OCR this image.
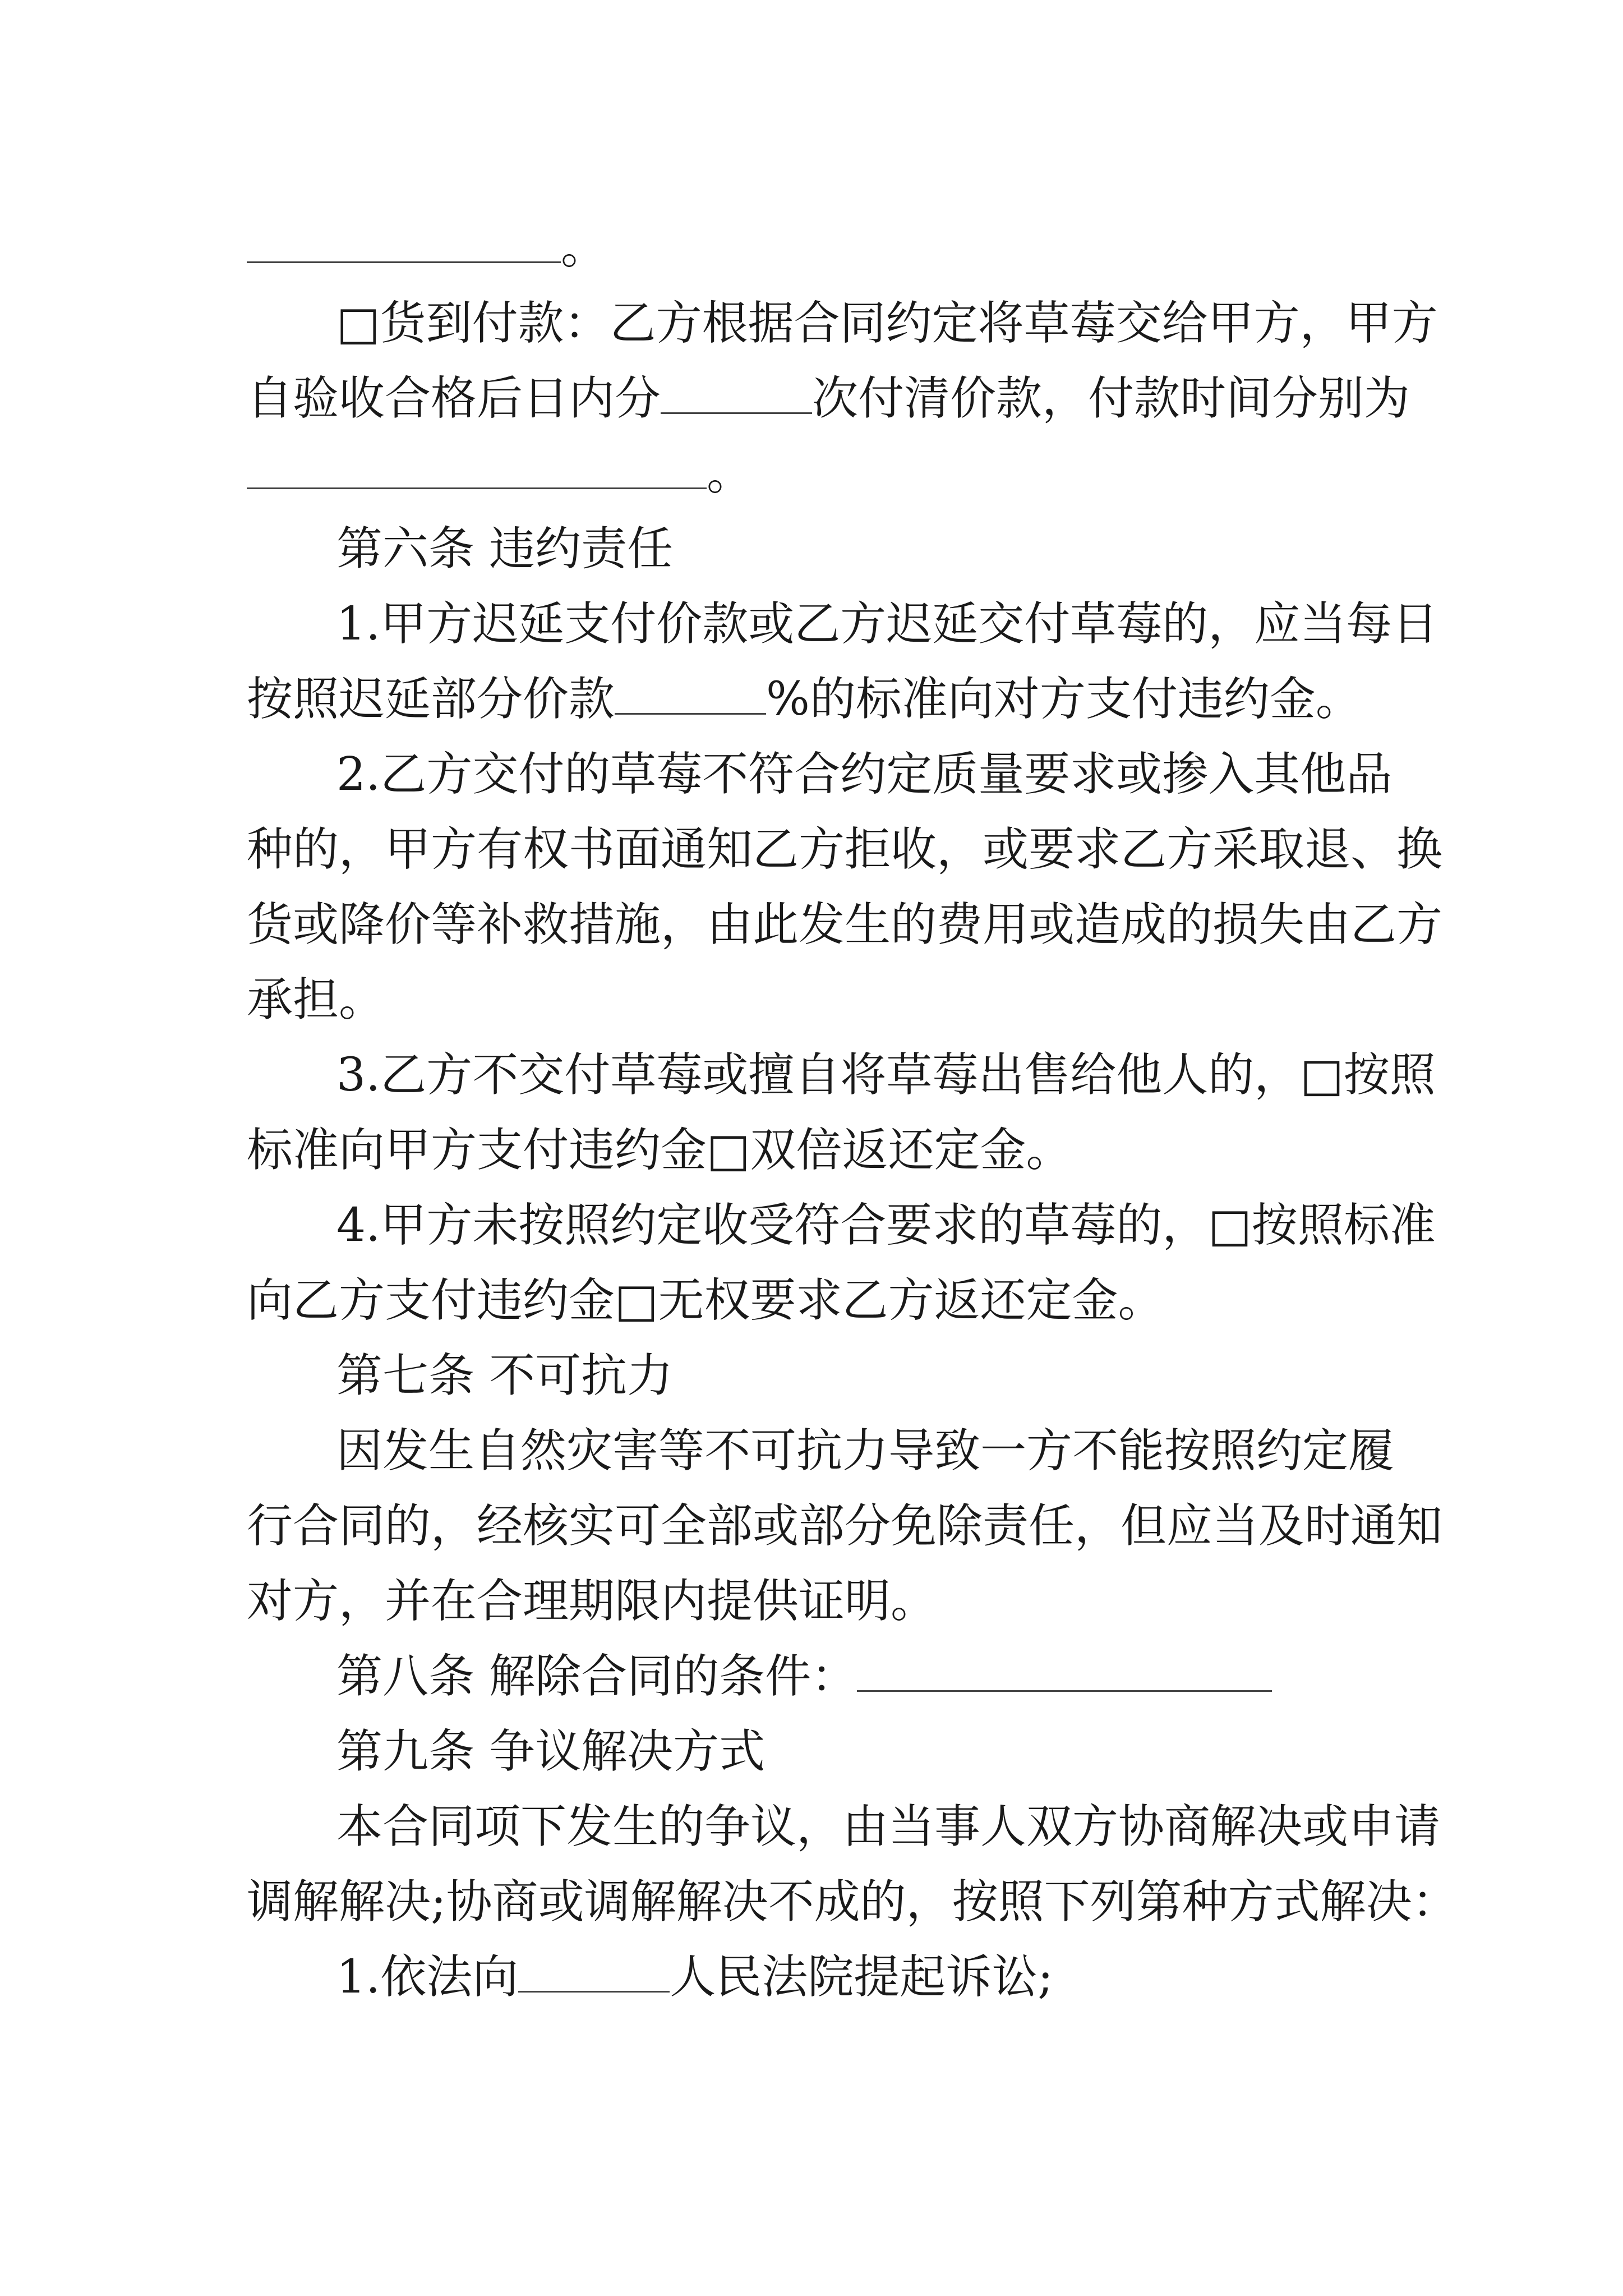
。
□货到付款：乙方根据合同约定将草莓交给甲方，甲方
自验收合格后日内分	次付清价款，付款时间分别为
。
第六条 违约责任
1.甲方迟延支付价款或乙方迟延交付草莓的，应当每日
按照迟延部分价款	%的标准向对方支付违约金。
2.乙方交付的草莓不符合约定质量要求或掺入其他品
种的，甲方有权书面通知乙方拒收，或要求乙方采取退、换
货或降价等补救措施，由此发生的费用或造成的损失由乙方
承担。
3.乙方不交付草莓或擅自将草莓出售给他人的，□按照
标准向甲方支付违约金□双倍返还定金。
4.甲方未按照约定收受符合要求的草莓的，□按照标准
向乙方支付违约金□无权要求乙方返还定金。
第七条 不可抗力
因发生自然灾害等不可抗力导致一方不能按照约定履
行合同的，经核实可全部或部分免除责任，但应当及时通知
对方，并在合理期限内提供证明。
第八条 解除合同的条件：
第九条 争议解决方式
本合同项下发生的争议，由当事人双方协商解决或申请
调解解决;协商或调解解决不成的，按照下列第种方式解决：
1.依法向	人民法院提起诉讼;
